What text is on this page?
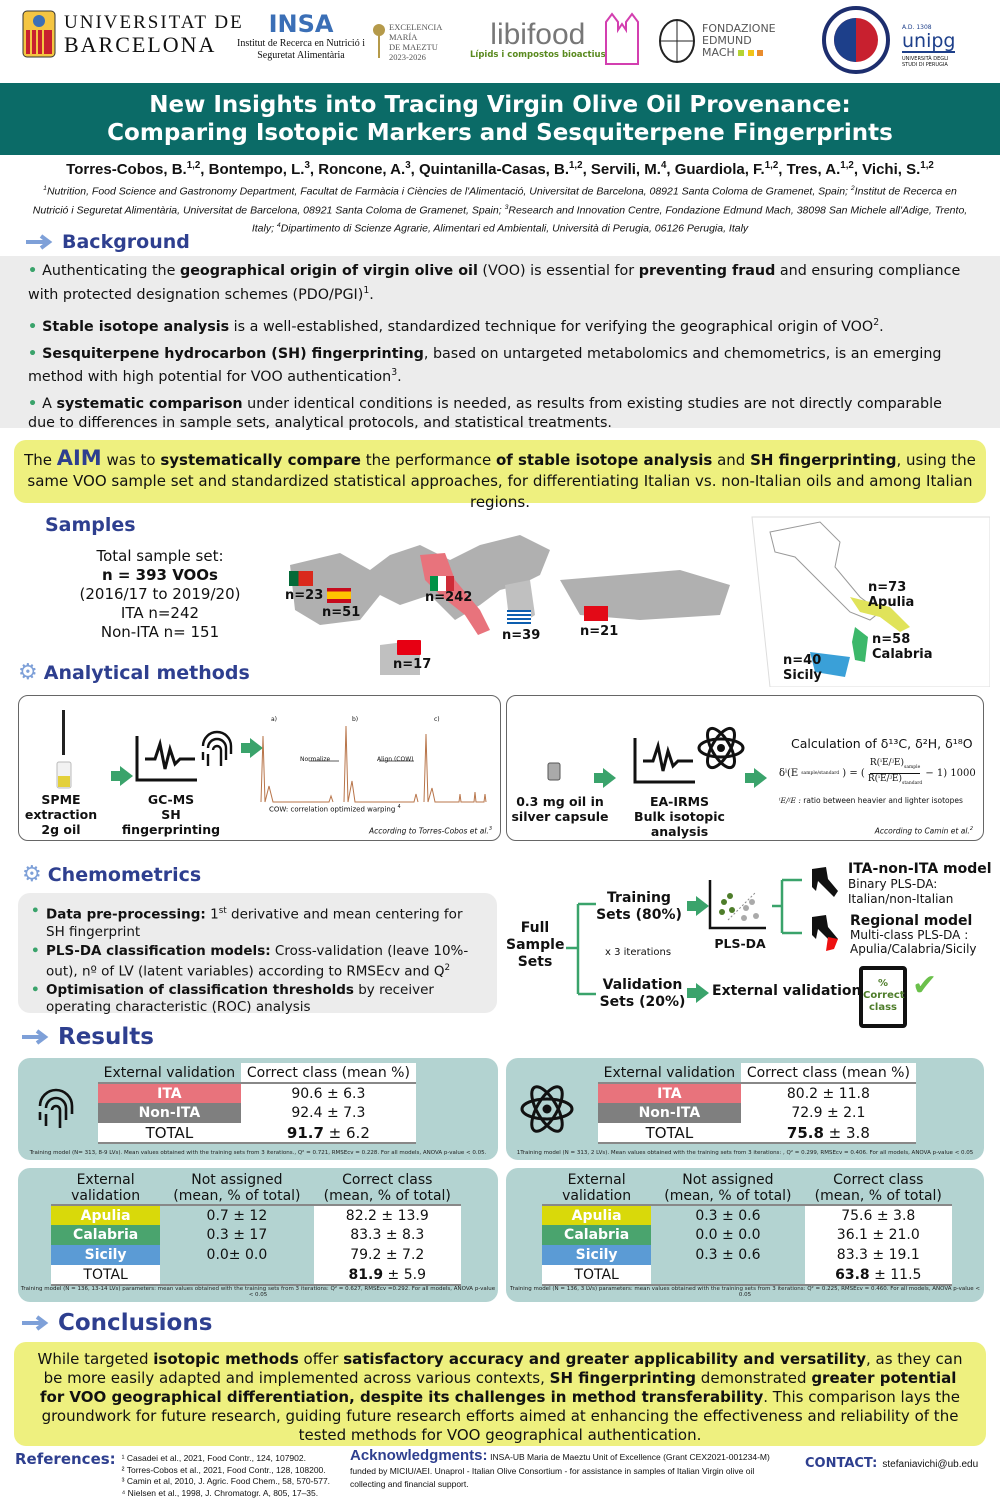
UNIVERSITAT DE
BARCELONA
INSA
Institut de Recerca en Nutrició i Seguretat Alimentària
EXCELENCIA
MARÍA
DE MAEZTU
2023-2026
libifood
Lípids i compostos bioactius
FONDAZIONE
EDMUND
MACH
A.D. 1308
unipg
UNIVERSITÀ DEGLI STUDI DI PERUGIA
New Insights into Tracing Virgin Olive Oil Provenance:
Comparing Isotopic Markers and Sesquiterpene Fingerprints
Torres-Cobos, B.$^{1,2}$, Bontempo, L.$^3$, Roncone, A.$^3$, Quintanilla-Casas, B.$^{1,2}$, Servili, M.$^4$, Guardiola, F.$^{1,2}$, Tres, A.$^{1,2}$, Vichi, S.$^{1,2}$
$^1$Nutrition, Food Science and Gastronomy Department, Facultat de Farmàcia i Ciències de l'Alimentació, Universitat de Barcelona, 08921 Santa Coloma de Gramenet, Spain; $^2$Institut de Recerca en Nutrició i Seguretat Alimentària, Universitat de Barcelona, 08921 Santa Coloma de Gramenet, Spain; $^3$Research and Innovation Centre, Fondazione Edmund Mach, 38098 San Michele all'Adige, Trento, Italy; $^4$Dipartimento di Scienze Agrarie, Alimentari ed Ambientali, Università di Perugia, 06126 Perugia, Italy
Background

• Authenticating the geographical origin of virgin olive oil (VOO) is essential for preventing fraud and ensuring compliance with protected designation schemes $(PDO/PGI)^1$.

• Stable isotope analysis is a well-established, standardized technique for verifying the geographical origin of VOO$^2$.

• Sesquiterpene hydrocarbon (SH) fingerprinting, based on untargeted metabolomics and chemometrics, is an emerging method with high potential for VOO authentication$^3$.

• A systematic comparison under identical conditions is needed, as results from existing studies are not directly comparable due to differences in sample sets, analytical protocols, and statistical treatments.

The AIM was to systematically compare the performance of stable isotope analysis and SH fingerprinting, using the same VOO sample set and standardized statistical approaches, for differentiating Italian vs. non-Italian oils and among Italian regions.
Samples
Total sample set:
n = 393 VOOs
(2016/17 to 2019/20)
ITA n=242
Non-ITA n= 151
n=23
n=51
n=242
n=17
n=39	n=21
n=73
Apulia
n=58
Calabria
n=40
Sicily
⚙ Analytical methods
SPME
extraction
2g oil
GC-MS
SH fingerprinting
a)	b)	c)
Normalize	Align (COW)
COW: correlation optimized warping $^4$
According to Torres-Cobos et al.$^3$
0.3 mg oil in
silver capsule
EA-IRMS
Bulk isotopic analysis
Calculation of δ¹³C, δ²H, δ¹⁸O
δⁱ(E sample/standard ) = (
$R(^iE/ʲE)_{sample}$
$R(^iE/ʲE)_{standard}$
− 1) 1000
ⁱE/ʲE : ratio between heavier and lighter isotopes
According to Camin et al.$^2$
⚙ Chemometrics
• Data pre-processing: 1st derivative and mean centering for SH fingerprint
• PLS-DA classification models: Cross-validation (leave 10%-out), nº of LV (latent variables) according to RMSEcv and $Q^2$
• Optimisation of classification thresholds by receiver operating characteristic (ROC) analysis
Full
Sample
Sets
Training
Sets (80%)
x 3 iterations
Validation
Sets (20%)
PLS-DA
External validation
ITA-non-ITA model
Binary PLS-DA:
Italian/non-Italian
Regional model
Multi-class PLS-DA :
Apulia/Calabria/Sicily
%
Correct
class
✔
Results
External validation	Correct class (mean %)
ITA	90.6 ± 6.3
Non-ITA	92.4 ± 7.3
TOTAL	91.7 ± 6.2
Training model (N= 313, 8-9 LVs). Mean values obtained with the training sets from 3 iterations., Q² = 0.721, RMSEcv = 0.228. For all models, ANOVA p-value < 0.05.
External validation	Correct class (mean %)
ITA	80.2 ± 11.8
Non-ITA	72.9 ± 2.1
TOTAL	75.8 ± 3.8
1Training model (N = 313, 2 LVs). Mean values obtained with the training sets from 3 iterations: , Q² = 0.299, RMSEcv = 0.406. For all models, ANOVA p-value < 0.05
External validation	Not assigned (mean, % of total)	Correct class (mean, % of total)
Apulia	0.7 ± 12	82.2 ± 13.9
Calabria	0.3 ± 17	83.3 ± 8.3
Sicily	0.0± 0.0	79.2 ± 7.2
TOTAL		81.9 ± 5.9
Training model (N = 136, 13-14 LVs) parameters: mean values obtained with the training sets from 3 iterations: Q² = 0.627, RMSEcv =0.292. For all models, ANOVA p-value < 0.05
External validation	Not assigned (mean, % of total)	Correct class (mean, % of total)
Apulia	0.3 ± 0.6	75.6 ± 3.8
Calabria	0.0 ± 0.0	36.1 ± 21.0
Sicily	0.3 ± 0.6	83.3 ± 19.1
TOTAL		63.8 ± 11.5
Training model (N = 136, 3 LVs) parameters: mean values obtained with the training sets from 3 iterations: Q² = 0.225, RMSEcv = 0.460. For all models, ANOVA p-value < 0.05
Conclusions
While targeted isotopic methods offer satisfactory accuracy and greater applicability and versatility, as they can be more easily adapted and implemented across various contexts, SH fingerprinting demonstrated greater potential for VOO geographical differentiation, despite its challenges in method transferability. This comparison lays the groundwork for future research, guiding future research efforts aimed at enhancing the effectiveness and reliability of the tested methods for VOO geographical authentication.
References: ¹ Casadei et al., 2021, Food Contr., 124, 107902.
² Torres-Cobos et al., 2021, Food Contr., 128, 108200.
³ Camin et al, 2010, J. Agric. Food Chem., 58, 570-577.
⁴ Nielsen et al., 1998, J. Chromatogr. A, 805, 17–35.
Acknowledgments: INSA-UB Maria de Maeztu Unit of Excellence (Grant CEX2021-001234-M) funded by MICIU/AEI. Unaprol - Italian Olive Consortium - for assistance in samples of Italian Virgin olive oil collecting and financial support.
CONTACT: stefaniavichi@ub.edu
